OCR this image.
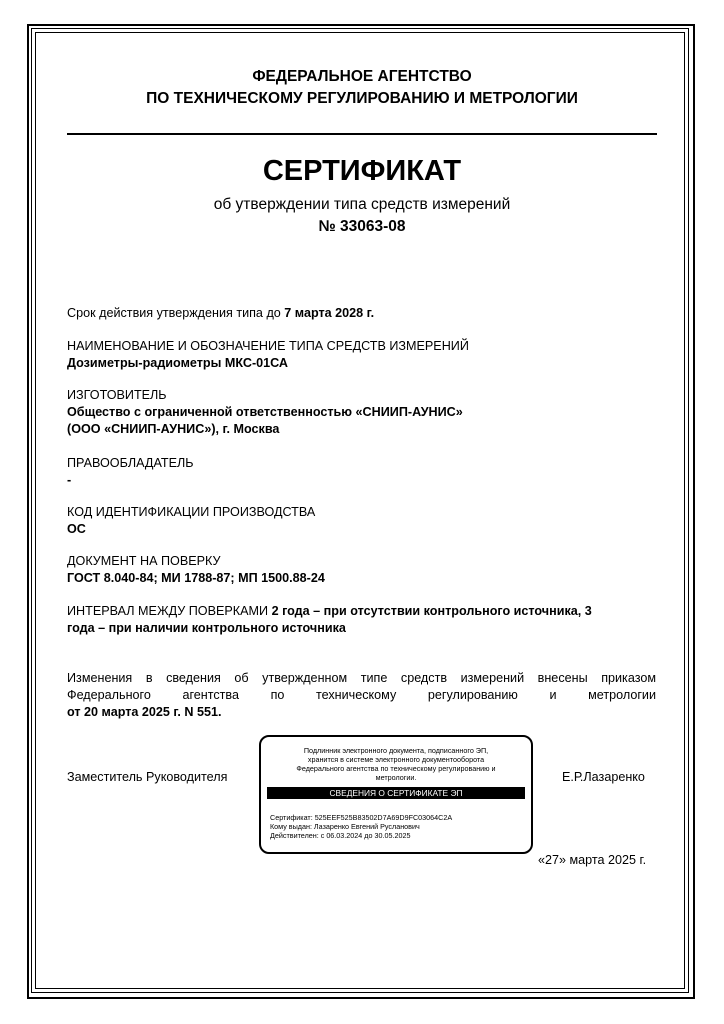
ФЕДЕРАЛЬНОЕ АГЕНТСТВО
ПО ТЕХНИЧЕСКОМУ РЕГУЛИРОВАНИЮ И МЕТРОЛОГИИ
СЕРТИФИКАТ
об утверждении типа средств измерений
№ 33063-08
Срок действия утверждения типа до 7 марта 2028 г.
НАИМЕНОВАНИЕ И ОБОЗНАЧЕНИЕ ТИПА СРЕДСТВ ИЗМЕРЕНИЙ
Дозиметры-радиометры МКС-01СА
ИЗГОТОВИТЕЛЬ
Общество с ограниченной ответственностью «СНИИП-АУНИС»
(ООО «СНИИП-АУНИС»), г. Москва
ПРАВООБЛАДАТЕЛЬ
-
КОД ИДЕНТИФИКАЦИИ ПРОИЗВОДСТВА
ОС
ДОКУМЕНТ НА ПОВЕРКУ
ГОСТ 8.040-84; МИ 1788-87; МП 1500.88-24
ИНТЕРВАЛ МЕЖДУ ПОВЕРКАМИ 2 года – при отсутствии контрольного источника, 3
года – при наличии контрольного источника
Изменения в сведения об утвержденном типе средств измерений внесены приказом
Федерального агентства по техническому регулированию и метрологии
от 20 марта 2025 г. N 551.
Заместитель Руководителя
Подлинник электронного документа, подписанного ЭП,
хранится в системе электронного документооборота
Федерального агентства по техническому регулированию и
метрологии.
СВЕДЕНИЯ О СЕРТИФИКАТЕ ЭП
Сертификат: 525EEF525B83502D7A69D9FC03064C2A
Кому выдан: Лазаренко Евгений Русланович
Действителен: с 06.03.2024 до 30.05.2025
Е.Р.Лазаренко
«27» марта 2025 г.
